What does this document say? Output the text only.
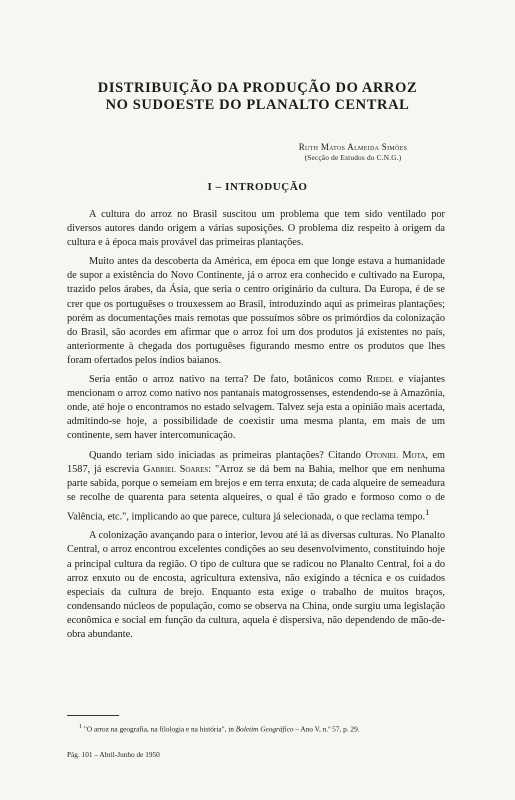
DISTRIBUIÇÃO DA PRODUÇÃO DO ARROZ
NO SUDOESTE DO PLANALTO CENTRAL
Ruth Matos Almeida Simões
(Secção de Estudos do C.N.G.)
I – INTRODUÇÃO

A cultura do arroz no Brasil suscitou um problema que tem sido ventilado por diversos autores dando origem a várias suposições. O problema diz respeito à origem da cultura e à época mais provável das primeiras plantações.

Muito antes da descoberta da América, em época em que longe estava a humanidade de supor a existência do Novo Continente, já o arroz era conhecido e cultivado na Europa, trazido pelos árabes, da Ásia, que seria o centro originário da cultura. Da Europa, é de se crer que os portuguêses o trouxessem ao Brasil, introduzindo aqui as primeiras plantações; porém as documentações mais remotas que possuímos sôbre os primórdios da colonização do Brasil, são acordes em afirmar que o arroz foi um dos produtos já existentes no país, anteriormente à chegada dos portuguêses figurando mesmo entre os produtos que lhes foram ofertados pelos índios baianos.

Seria então o arroz nativo na terra? De fato, botânicos como Riedel e viajantes mencionam o arroz como nativo nos pantanais matogrossenses, estendendo-se à Amazônia, onde, até hoje o encontramos no estado selvagem. Talvez seja esta a opinião mais acertada, admitindo-se hoje, a possibilidade de coexistir uma mesma planta, em mais de um continente, sem haver intercomunicação.

Quando teriam sido iniciadas as primeiras plantações? Citando Otoniel Mota, em 1587, já escrevia Gabriel Soares: "Arroz se dá bem na Bahia, melhor que em nenhuma parte sabida, porque o semeiam em brejos e em terra enxuta; de cada alqueire de semeadura se recolhe de quarenta para setenta alqueires, o qual é tão grado e formoso como o de Valência, etc.", implicando ao que parece, cultura já selecionada, o que reclama tempo.$^1$

A colonização avançando para o interior, levou até lá as diversas culturas. No Planalto Central, o arroz encontrou excelentes condições ao seu desenvolvimento, constituindo hoje a principal cultura da região. O tipo de cultura que se radicou no Planalto Central, foi a do arroz enxuto ou de encosta, agricultura extensiva, não exigindo a técnica e os cuidados especiais da cultura de brejo. Enquanto esta exige o trabalho de muitos braços, condensando núcleos de população, como se observa na China, onde surgiu uma legislação econômica e social em função da cultura, aquela é dispersiva, não dependendo de mão-de-obra abundante.

$^1$ "O arroz na geografia, na filologia e na história", in Boletim Geográfico – Ano V, n.º 57, p. 29.
Pág. 101 – Abril-Junho de 1950
